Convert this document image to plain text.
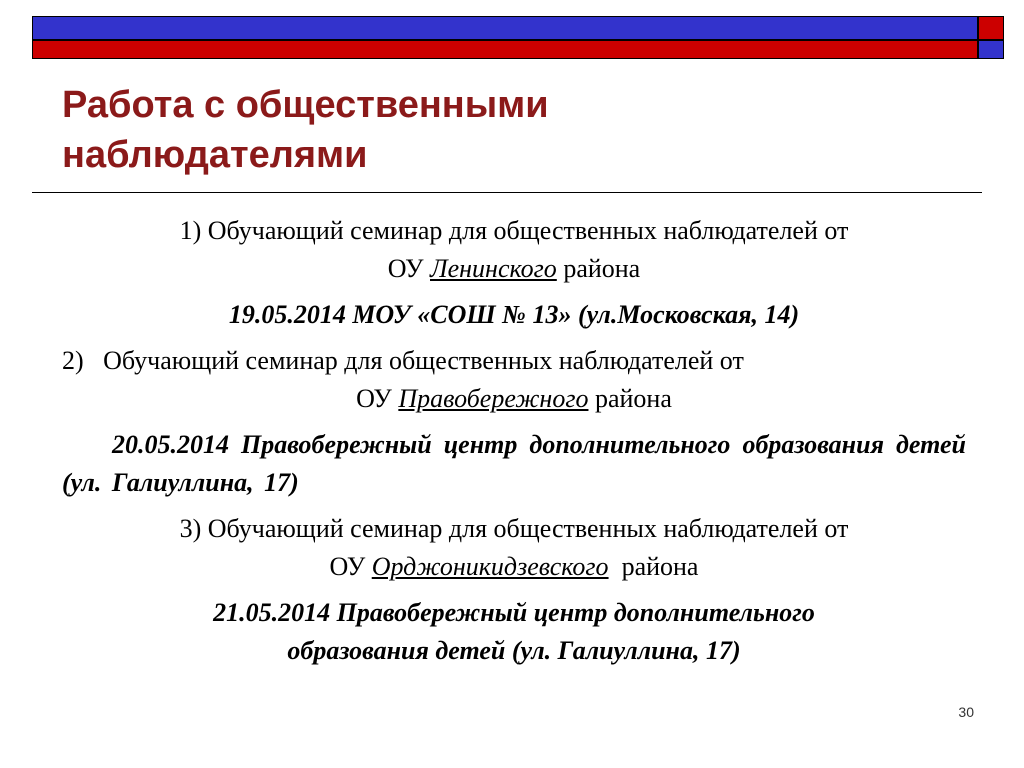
Работа с общественными
наблюдателями

1) Обучающий семинар для общественных наблюдателей от
ОУ Ленинского района

19.05.2014 МОУ «СОШ № 13» (ул.Московская, 14)

2)   Обучающий семинар для общественных наблюдателей от

ОУ Правобережного района

20.05.2014 Правобережный центр дополнительного образования детей (ул. Галиуллина, 17)

3) Обучающий семинар для общественных наблюдателей от
ОУ Орджоникидзевского района

21.05.2014 Правобережный центр дополнительного
образования детей (ул. Галиуллина, 17)

30
